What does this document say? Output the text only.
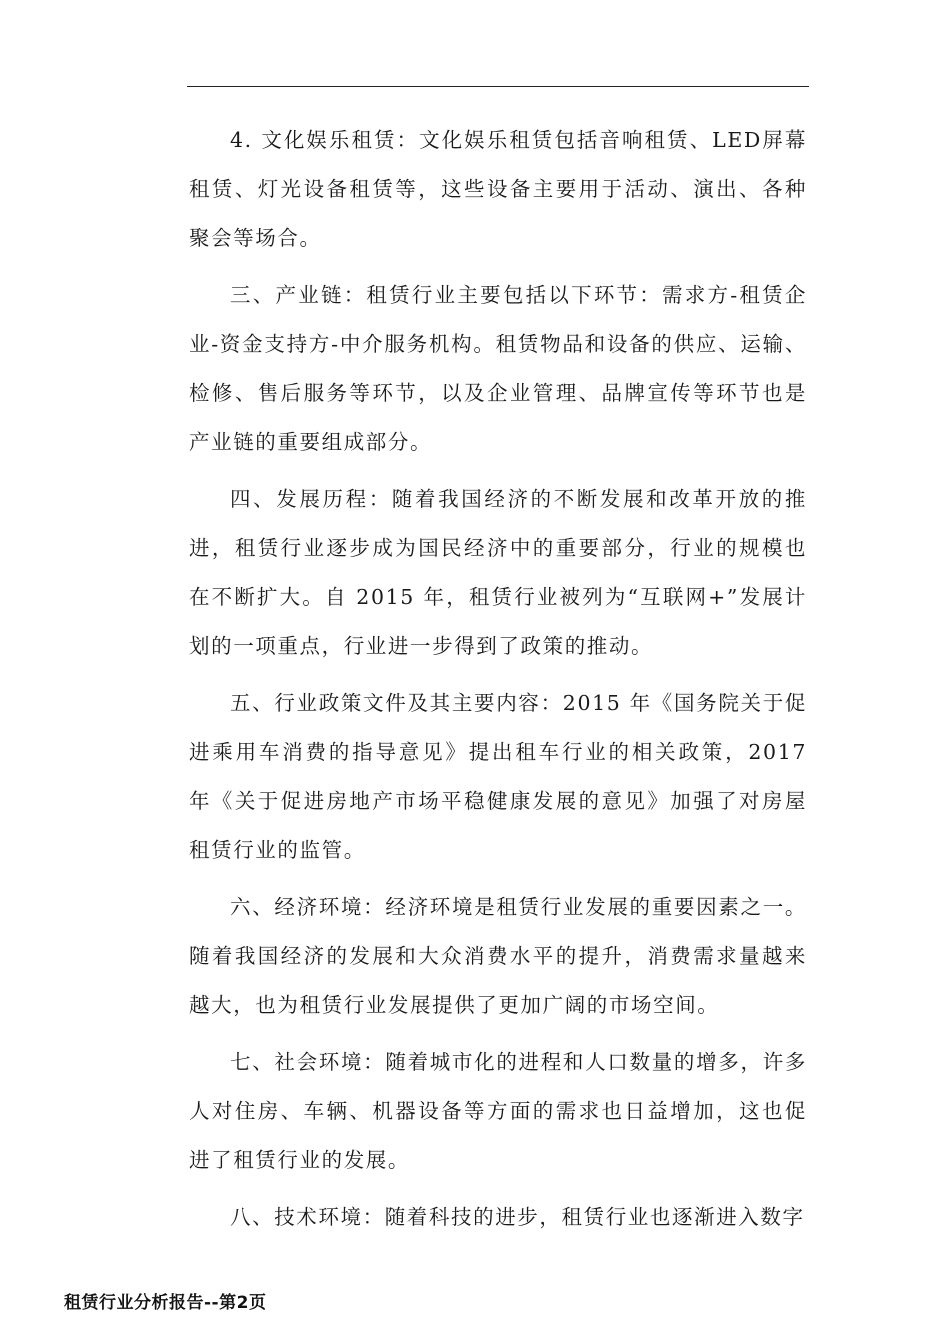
4. 文化娱乐租赁：文化娱乐租赁包括音响租赁、LED屏幕租赁、灯光设备租赁等，这些设备主要用于活动、演出、各种聚会等场合。

三、产业链：租赁行业主要包括以下环节：需求方-租赁企业-资金支持方-中介服务机构。租赁物品和设备的供应、运输、检修、售后服务等环节，以及企业管理、品牌宣传等环节也是产业链的重要组成部分。

四、发展历程：随着我国经济的不断发展和改革开放的推进，租赁行业逐步成为国民经济中的重要部分，行业的规模也在不断扩大。自 2015 年，租赁行业被列为“互联网+”发展计划的一项重点，行业进一步得到了政策的推动。

五、行业政策文件及其主要内容：2015 年《国务院关于促进乘用车消费的指导意见》提出租车行业的相关政策，2017 年《关于促进房地产市场平稳健康发展的意见》加强了对房屋租赁行业的监管。

六、经济环境：经济环境是租赁行业发展的重要因素之一。随着我国经济的发展和大众消费水平的提升，消费需求量越来越大，也为租赁行业发展提供了更加广阔的市场空间。

七、社会环境：随着城市化的进程和人口数量的增多，许多人对住房、车辆、机器设备等方面的需求也日益增加，这也促进了租赁行业的发展。

八、技术环境：随着科技的进步，租赁行业也逐渐进入数字

租赁行业分析报告--第2页
